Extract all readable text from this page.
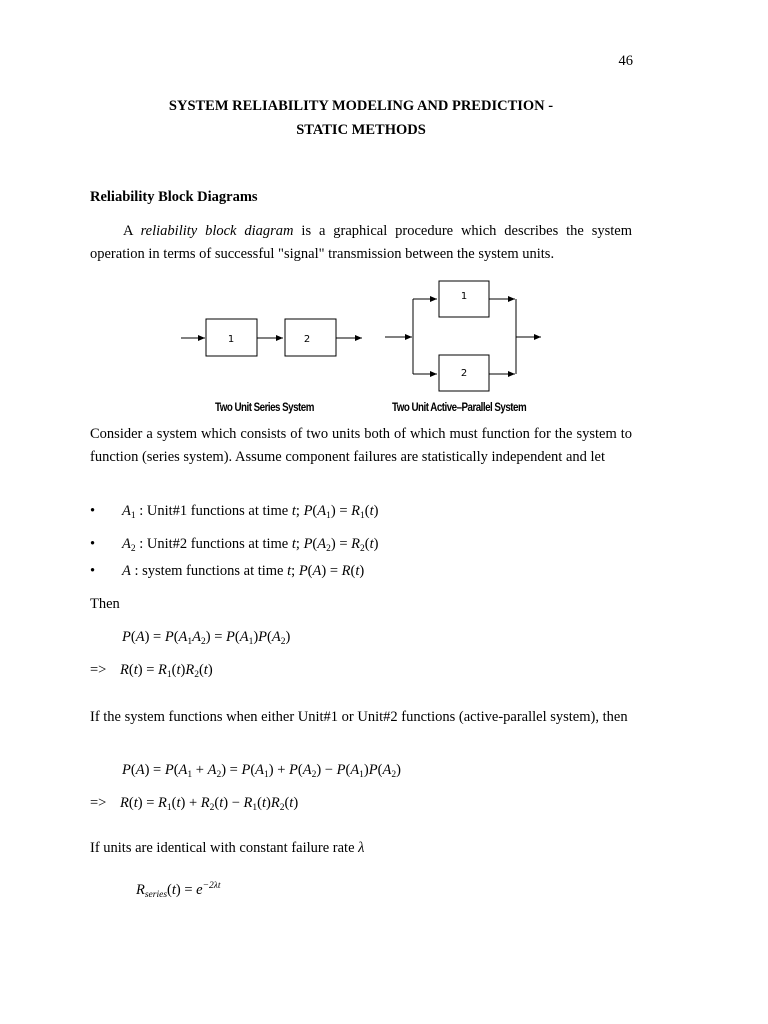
46
SYSTEM RELIABILITY MODELING AND PREDICTION -
STATIC METHODS
Reliability Block Diagrams
A reliability block diagram is a graphical procedure which describes the system operation in terms of successful "signal" transmission between the system units.
1	2
1
2
Two Unit Series System	Two Unit Active–Parallel System
Consider a system which consists of two units both of which must function for the system to function (series system). Assume component failures are statistically independent and let
• $A_1$ : Unit#1 functions at time t; $P(A_1) = R_1(t)$
• $A_2$ : Unit#2 functions at time t; $P(A_2) = R_2(t)$
• A : system functions at time t; P(A) = R(t)
Then
$P(A) = P(A_1A_2) = P(A_1)P(A_2)$
=> $R(t) = R_1(t)R_2(t)$
If the system functions when either Unit#1 or Unit#2 functions (active-parallel system), then
$P(A) = P(A_1 + A_2) = P(A_1) + P(A_2) - P(A_1)P(A_2)$
=> $R(t) = R_1(t) + R_2(t) - R_1(t)R_2(t)$
If units are identical with constant failure rate λ
$R_{series}(t) = e^{-2\lambda t}$
